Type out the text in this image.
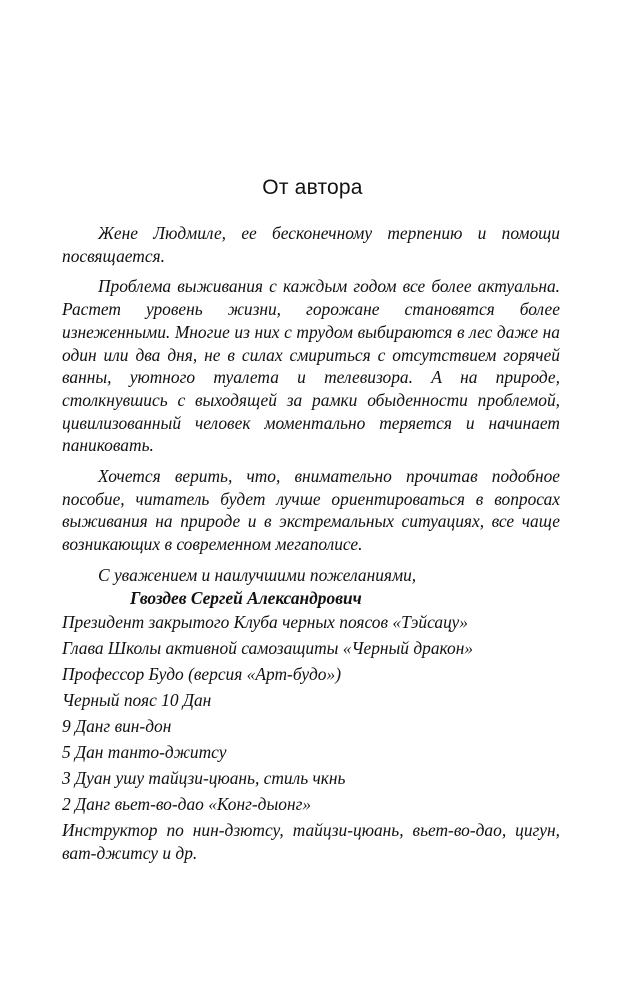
От автора

Жене Людмиле, ее бесконечному терпению и помощи посвящается.

Проблема выживания с каждым годом все более актуальна. Растет уровень жизни, горожане становятся более изнеженными. Многие из них с трудом выбираются в лес даже на один или два дня, не в силах смириться с отсутствием горячей ванны, уютного туалета и телевизора. А на природе, столкнувшись с выходящей за рамки обыденности проблемой, цивилизованный человек моментально теряется и начинает паниковать.

Хочется верить, что, внимательно прочитав подобное пособие, читатель будет лучше ориентироваться в вопросах выживания на природе и в экстремальных ситуациях, все чаще возникающих в современном мегаполисе.

С уважением и наилучшими пожеланиями,

Гвоздев Сергей Александрович

Президент закрытого Клуба черных поясов «Тэйсацу»
Глава Школы активной самозащиты «Черный дракон»
Профессор Будо (версия «Арт-будо»)
Черный пояс 10 Дан
9 Данг вин-дон
5 Дан танто-джитсу
3 Дуан ушу тайцзи-цюань, стиль чкнь
2 Данг вьет-во-дао «Конг-дыонг»
Инструктор по нин-дзютсу, тайцзи-цюань, вьет-во-дао, цигун, ват-джитсу и др.
